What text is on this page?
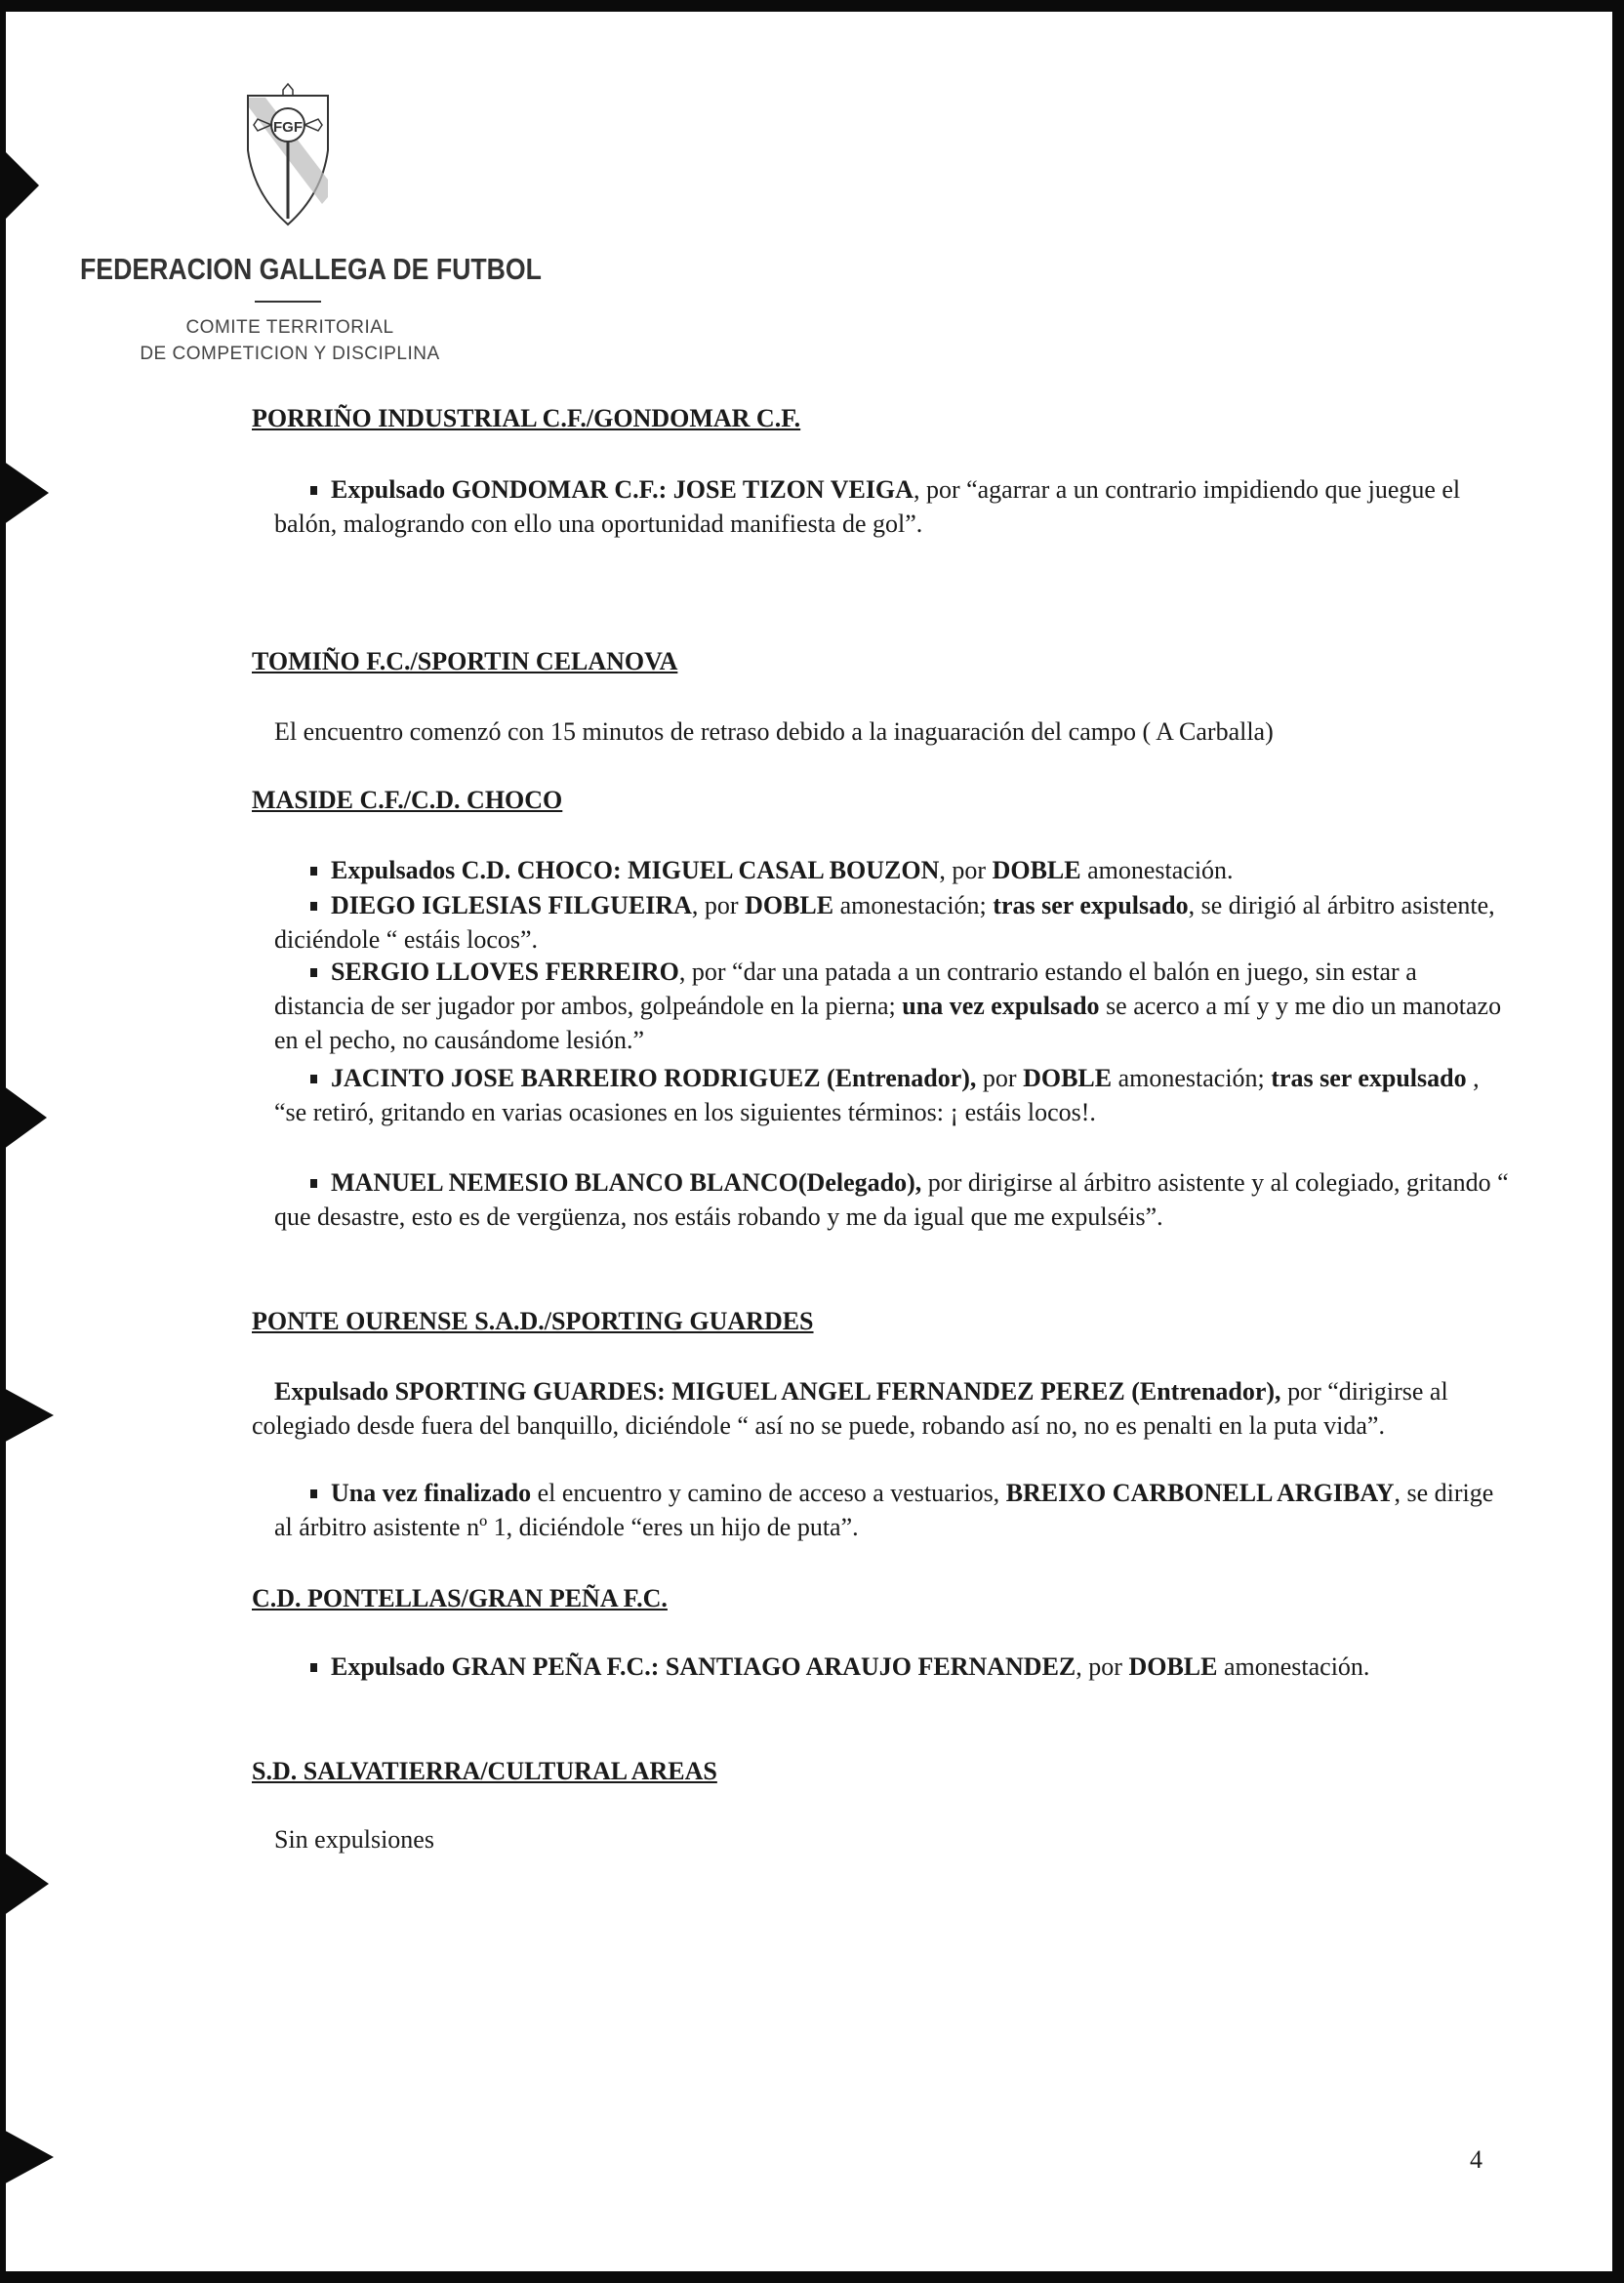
FGF
FEDERACION GALLEGA DE FUTBOL
COMITE TERRITORIAL
DE COMPETICION Y DISCIPLINA
PORRIÑO INDUSTRIAL C.F./GONDOMAR C.F.
Expulsado GONDOMAR C.F.: JOSE TIZON VEIGA, por “agarrar a un contrario impidiendo que juegue el balón, malogrando con ello una oportunidad manifiesta de gol”.
TOMIÑO F.C./SPORTIN CELANOVA
El encuentro comenzó con 15 minutos de retraso debido a la inaguaración del campo ( A Carballa)
MASIDE C.F./C.D. CHOCO
Expulsados C.D. CHOCO: MIGUEL CASAL BOUZON, por DOBLE amonestación.
DIEGO IGLESIAS FILGUEIRA, por DOBLE amonestación; tras ser expulsado, se dirigió al árbitro asistente, diciéndole “ estáis locos”.
SERGIO LLOVES FERREIRO, por “dar una patada a un contrario estando el balón en juego, sin estar a distancia de ser jugador por ambos, golpeándole en la pierna; una vez expulsado se acerco a mí y y me dio un manotazo en el pecho, no causándome lesión.”
JACINTO JOSE BARREIRO RODRIGUEZ (Entrenador), por DOBLE amonestación; tras ser expulsado , “se retiró, gritando en varias ocasiones en los siguientes términos: ¡ estáis locos!.
MANUEL NEMESIO BLANCO BLANCO(Delegado), por dirigirse al árbitro asistente y al colegiado, gritando “ que desastre, esto es de vergüenza, nos estáis robando y me da igual que me expulséis”.
PONTE OURENSE S.A.D./SPORTING GUARDES
Expulsado SPORTING GUARDES: MIGUEL ANGEL FERNANDEZ PEREZ (Entrenador), por “dirigirse al colegiado desde fuera del banquillo, diciéndole “ así no se puede, robando así no, no es penalti en la puta vida”.
Una vez finalizado el encuentro y camino de acceso a vestuarios, BREIXO CARBONELL ARGIBAY, se dirige al árbitro asistente nº 1, diciéndole “eres un hijo de puta”.
C.D. PONTELLAS/GRAN PEÑA F.C.
Expulsado GRAN PEÑA F.C.: SANTIAGO ARAUJO FERNANDEZ, por DOBLE amonestación.
S.D. SALVATIERRA/CULTURAL AREAS
Sin expulsiones
4
